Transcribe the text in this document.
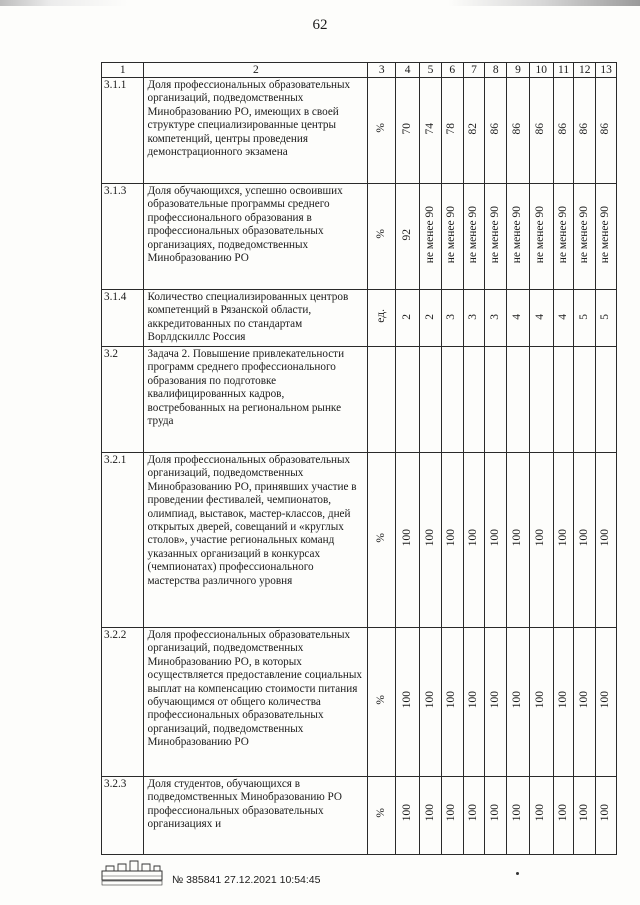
62
1	2	3	4	5	6	7	8	9	10	11	12	13
3.1.1	Доля профессиональных образовательных организаций, подведомственных Минобразованию РО, имеющих в своей структуре специализированные центры компетенций, центры проведения демонстрационного экзамена	%	70	74	78	82	86	86	86	86	86	86
3.1.3	Доля обучающихся, успешно освоивших образовательные программы среднего профессионального образования в профессиональных образовательных организациях, подведомственных Минобразованию РО	%	92	не менее 90	не менее 90	не менее 90	не менее 90	не менее 90	не менее 90	не менее 90	не менее 90	не менее 90
3.1.4	Количество специализированных центров компетенций в Рязанской области, аккредитованных по стандартам Ворлдскиллс Россия	ед.	2	2	3	3	3	4	4	4	5	5
3.2	Задача 2. Повышение привлекательности программ среднего профессионального образования по подготовке квалифицированных кадров, востребованных на региональном рынке труда											
3.2.1	Доля профессиональных образовательных организаций, подведомственных Минобразованию РО, принявших участие в проведении фестивалей, чемпионатов, олимпиад, выставок, мастер-классов, дней открытых дверей, совещаний и «круглых столов», участие региональных команд указанных организаций в конкурсах (чемпионатах) профессионального мастерства различного уровня	%	100	100	100	100	100	100	100	100	100	100
3.2.2	Доля профессиональных образовательных организаций, подведомственных Минобразованию РО, в которых осуществляется предоставление социальных выплат на компенсацию стоимости питания обучающимся от общего количества профессиональных образовательных организаций, подведомственных Минобразованию РО	%	100	100	100	100	100	100	100	100	100	100
3.2.3	Доля студентов, обучающихся в подведомственных Минобразованию РО профессиональных образовательных организациях и	%	100	100	100	100	100	100	100	100	100	100
№ 385841 27.12.2021 10:54:45
